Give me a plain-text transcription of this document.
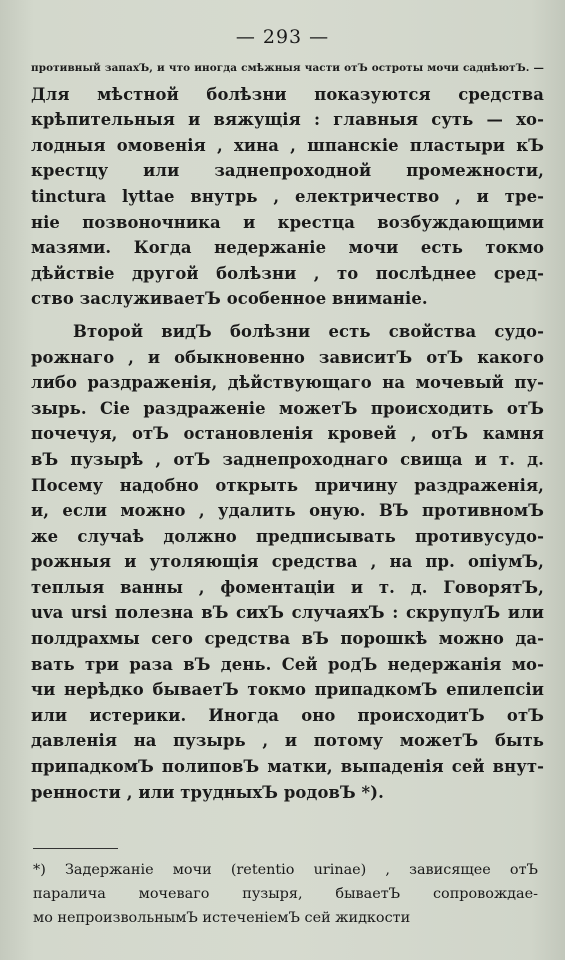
— 293 —

противный запахЪ, и что иногда смѣжныя части отЪ остроты мочи саднѣютЪ. —
Для мѣстной болѣзни показуются средства
крѣпительныя и вяжущія : главныя суть — хо-
лодныя омовенія , хина , шпанскіе пластыри кЪ
крестцу или заднепроходной промежности,
tinctura lyttae внутрь , електричество , и тре-
ніе позвоночника и крестца возбуждающими
мазями. Когда недержаніе мочи есть токмо
дѣйствіе другой болѣзни , то послѣднее сред-
ство заслуживаетЪ особенное вниманіе.

Второй видЪ болѣзни есть свойства судо-
рожнаго , и обыкновенно зависитЪ отЪ какого
либо раздраженія, дѣйствующаго на мочевый пу-
зырь. Сіе раздраженіе можетЪ происходить отЪ
почечуя, отЪ остановленія кровей , отЪ камня
вЪ пузырѣ , отЪ заднепроходнаго свища и т. д.
Посему надобно открыть причину раздраженія,
и, если можно , удалить оную. ВЪ противномЪ
же случаѣ должно предписывать противусудо-
рожныя и утоляющія средства , на пр. опіумЪ,
теплыя ванны , фоментаціи и т. д. ГоворятЪ,
uva ursi полезна вЪ сихЪ случаяхЪ : скрупулЪ или
полдрахмы сего средства вЪ порошкѣ можно да-
вать три раза вЪ день. Сей родЪ недержанія мо-
чи нерѣдко бываетЪ токмо припадкомЪ епилепсіи
или истерики. Иногда оно происходитЪ отЪ
давленія на пузырь , и потому можетЪ быть
припадкомЪ полиповЪ матки, выпаденія сей внут-
ренности , или трудныхЪ родовЪ *).

*) Задержаніе мочи (retentio urinae) , зависящее отЪ
паралича мочеваго пузыря, бываетЪ сопровождае-
мо непроизвольнымЪ истеченіемЪ сей жидкости
